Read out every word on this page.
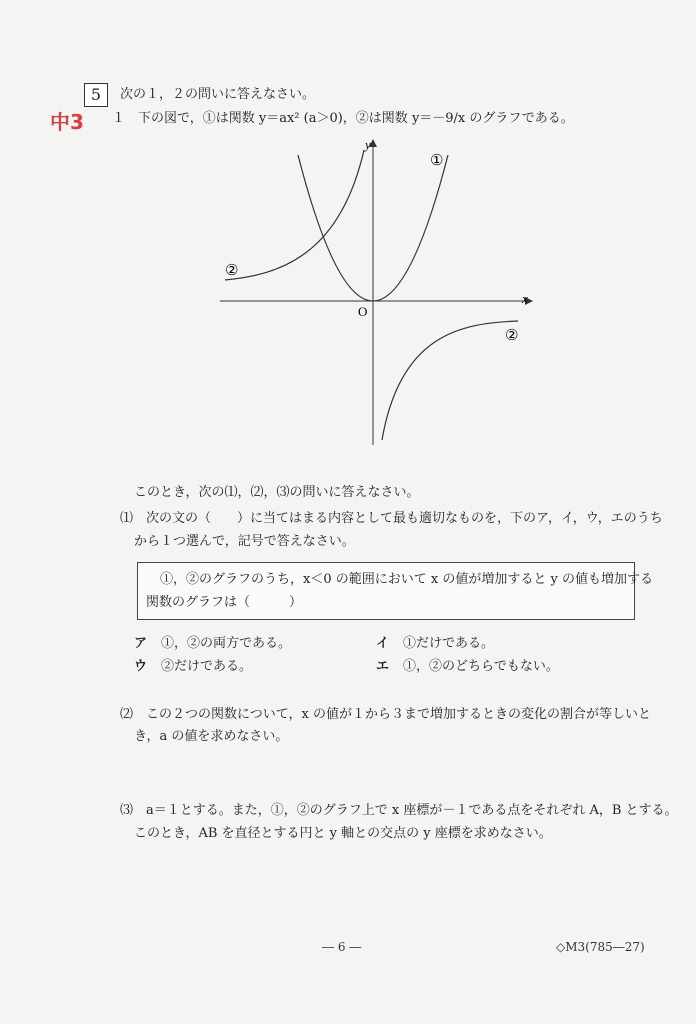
5
中3
次の１，２の問いに答えなさい。
１　下の図で，①は関数 y＝ax² (a＞0)，②は関数 y＝－9/x のグラフである。
y
x
O
①
②
②
このとき，次の⑴，⑵，⑶の問いに答えなさい。
⑴　次の文の（　　）に当てはまる内容として最も適切なものを，下のア，イ，ウ，エのうち
から１つ選んで，記号で答えなさい。
①，②のグラフのうち，x＜0 の範囲において x の値が増加すると y の値も増加する
関数のグラフは（　　　）
ア ①，②の両方である。	イ ①だけである。
ウ ②だけである。	エ ①，②のどちらでもない。
⑵　この２つの関数について，x の値が１から３まで増加するときの変化の割合が等しいと
き，a の値を求めなさい。
⑶　a＝１とする。また，①，②のグラフ上で x 座標が－１である点をそれぞれ A，B とする。
このとき，AB を直径とする円と y 軸との交点の y 座標を求めなさい。
― 6 ―	◇M3(785―27)
